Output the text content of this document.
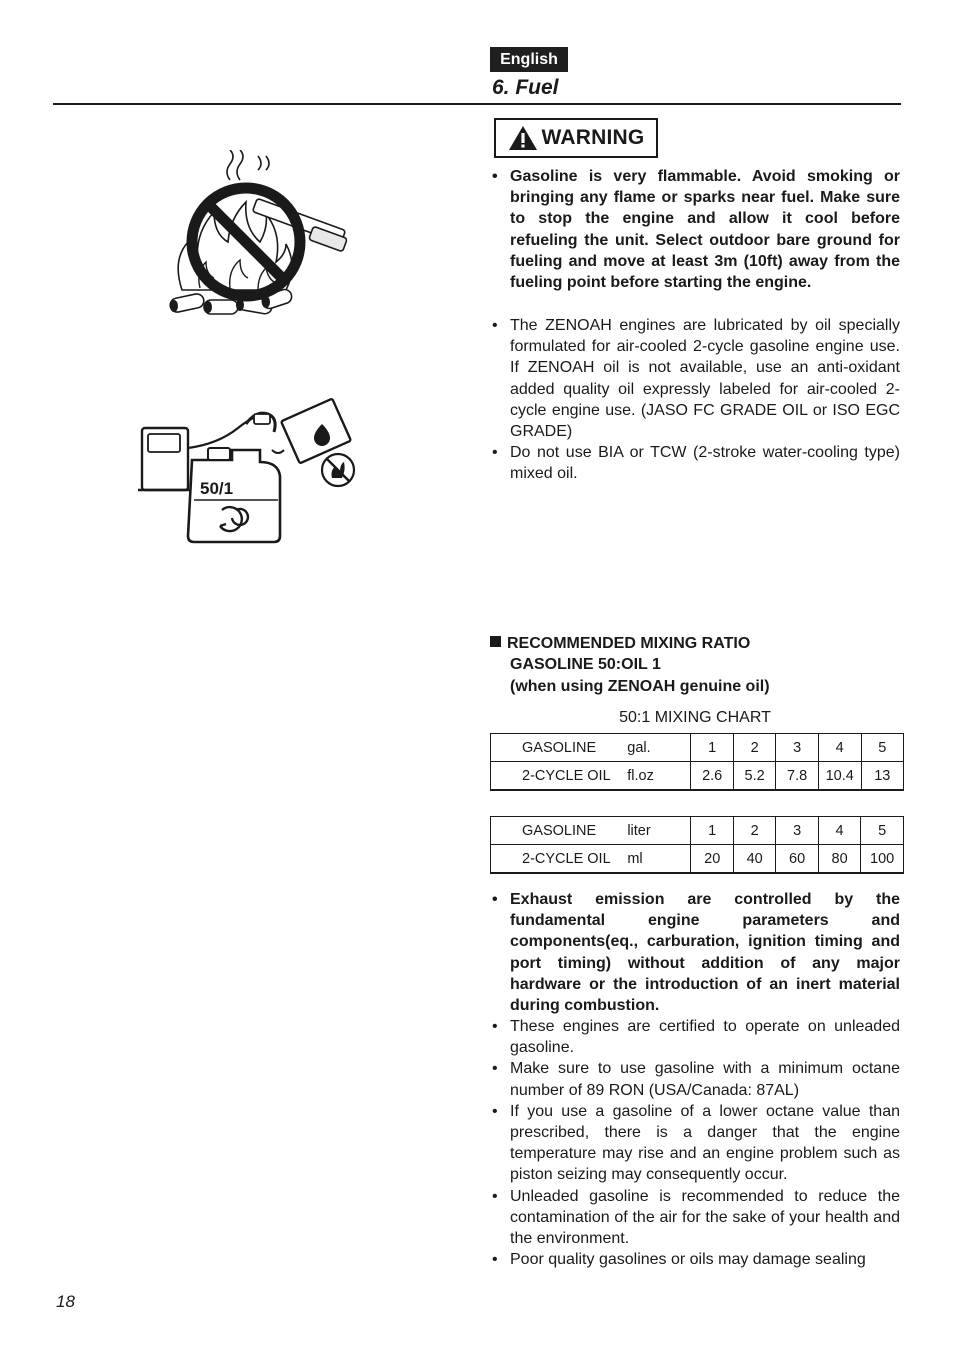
English
6. Fuel
WARNING
• Gasoline is very flammable. Avoid smoking or bringing any flame or sparks near fuel. Make sure to stop the engine and allow it cool before refueling the unit. Select outdoor bare ground for fueling and move at least 3m (10ft) away from the fueling point before starting the engine.
• The ZENOAH engines are lubricated by oil specially formulated for air-cooled 2-cycle gasoline engine use. If ZENOAH oil is not available, use an anti-oxidant added quality oil expressly labeled for air-cooled 2-cycle engine use. (JASO FC GRADE OIL or ISO EGC GRADE)
• Do not use BIA or TCW (2-stroke water-cooling type) mixed oil.
RECOMMENDED MIXING RATIO
GASOLINE 50:OIL 1
(when using ZENOAH genuine oil)
50:1 MIXING CHART
GASOLINE	gal.	1	2	3	4	5
2-CYCLE OIL	fl.oz	2.6	5.2	7.8	10.4	13
GASOLINE	liter	1	2	3	4	5
2-CYCLE OIL	ml	20	40	60	80	100
• Exhaust emission are controlled by the fundamental engine parameters and components(eq., carburation, ignition timing and port timing) without addition of any major hardware or the introduction of an inert material during combustion.
• These engines are certified to operate on unleaded gasoline.
• Make sure to use gasoline with a minimum octane number of 89 RON (USA/Canada: 87AL)
• If you use a gasoline of a lower octane value than prescribed, there is a danger that the engine temperature may rise and an engine problem such as piston seizing may consequently occur.
• Unleaded gasoline is recommended to reduce the contamination of the air for the sake of your health and the environment.
• Poor quality gasolines or oils may damage sealing
50/1
18
